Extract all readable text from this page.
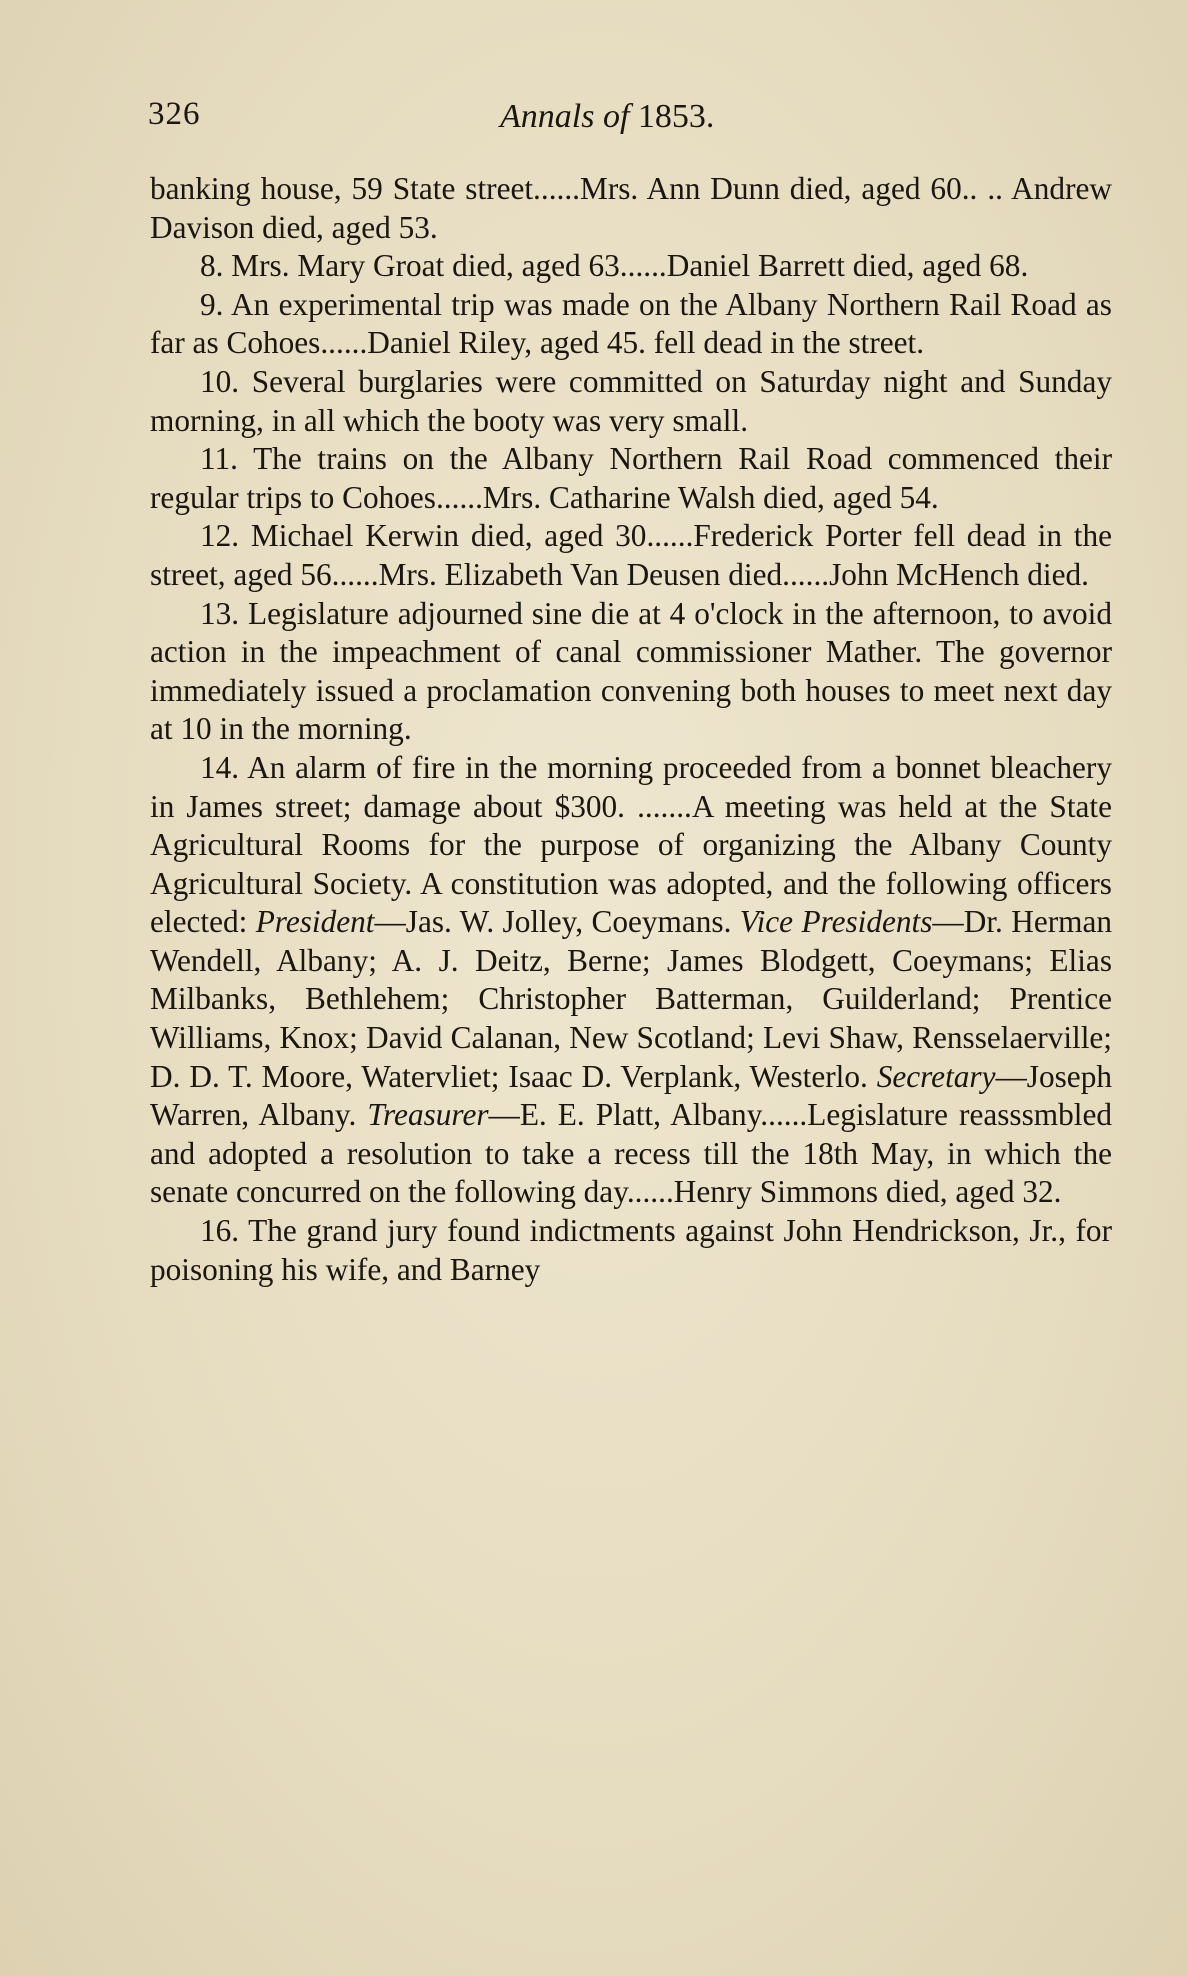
326	Annals of 1853.

banking house, 59 State street......Mrs. Ann Dunn died, aged 60.. .. Andrew Davison died, aged 53.

8. Mrs. Mary Groat died, aged 63......Daniel Barrett died, aged 68.

9. An experimental trip was made on the Albany Northern Rail Road as far as Cohoes......Daniel Riley, aged 45. fell dead in the street.

10. Several burglaries were committed on Saturday night and Sunday morning, in all which the booty was very small.

11. The trains on the Albany Northern Rail Road commenced their regular trips to Cohoes......Mrs. Catharine Walsh died, aged 54.

12. Michael Kerwin died, aged 30......Frederick Porter fell dead in the street, aged 56......Mrs. Elizabeth Van Deusen died......John McHench died.

13. Legislature adjourned sine die at 4 o'clock in the afternoon, to avoid action in the impeachment of canal commissioner Mather. The governor immediately issued a proclamation convening both houses to meet next day at 10 in the morning.

14. An alarm of fire in the morning proceeded from a bonnet bleachery in James street; damage about $300. .......A meeting was held at the State Agricultural Rooms for the purpose of organizing the Albany County Agricultural Society. A constitution was adopted, and the following officers elected: President—Jas. W. Jolley, Coeymans. Vice Presidents—Dr. Herman Wendell, Albany; A. J. Deitz, Berne; James Blodgett, Coeymans; Elias Milbanks, Bethlehem; Christopher Batterman, Guilderland; Prentice Williams, Knox; David Calanan, New Scotland; Levi Shaw, Rensselaerville; D. D. T. Moore, Watervliet; Isaac D. Verplank, Westerlo. Secretary—Joseph Warren, Albany. Treasurer—E. E. Platt, Albany......Legislature reasssmbled and adopted a resolution to take a recess till the 18th May, in which the senate concurred on the following day......Henry Simmons died, aged 32.

16. The grand jury found indictments against John Hendrickson, Jr., for poisoning his wife, and Barney
